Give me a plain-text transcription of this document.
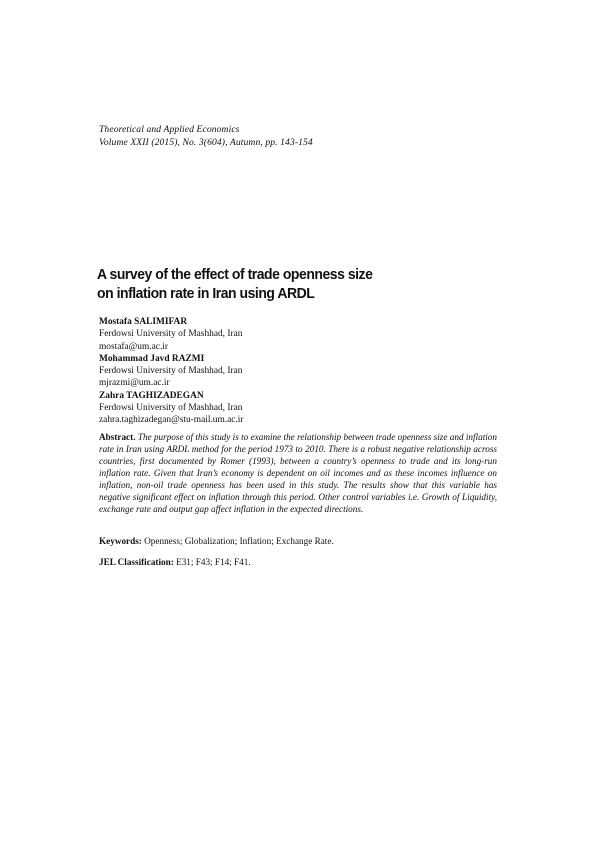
Theoretical and Applied Economics
Volume XXII (2015), No. 3(604), Autumn, pp. 143-154
A survey of the effect of trade openness size
on inflation rate in Iran using ARDL
Mostafa SALIMIFAR
Ferdowsi University of Mashhad, Iran
mostafa@um.ac.ir
Mohammad Javd RAZMI
Ferdowsi University of Mashhad, Iran
mjrazmi@um.ac.ir
Zahra TAGHIZADEGAN
Ferdowsi University of Mashhad, Iran
zahra.taghizadegan@stu-mail.um.ac.ir
Abstract. The purpose of this study is to examine the relationship between trade openness size and inflation rate in Iran using ARDL method for the period 1973 to 2010. There is a robust negative relationship across countries, first documented by Romer (1993), between a country’s openness to trade and its long-run inflation rate. Given that Iran’s economy is dependent on oil incomes and as these incomes influence on inflation, non-oil trade openness has been used in this study. The results show that this variable has negative significant effect on inflation through this period. Other control variables i.e. Growth of Liquidity, exchange rate and output gap affect inflation in the expected directions.
Keywords: Openness; Globalization; Inflation; Exchange Rate.
JEL Classification: E31; F43; F14; F41.
